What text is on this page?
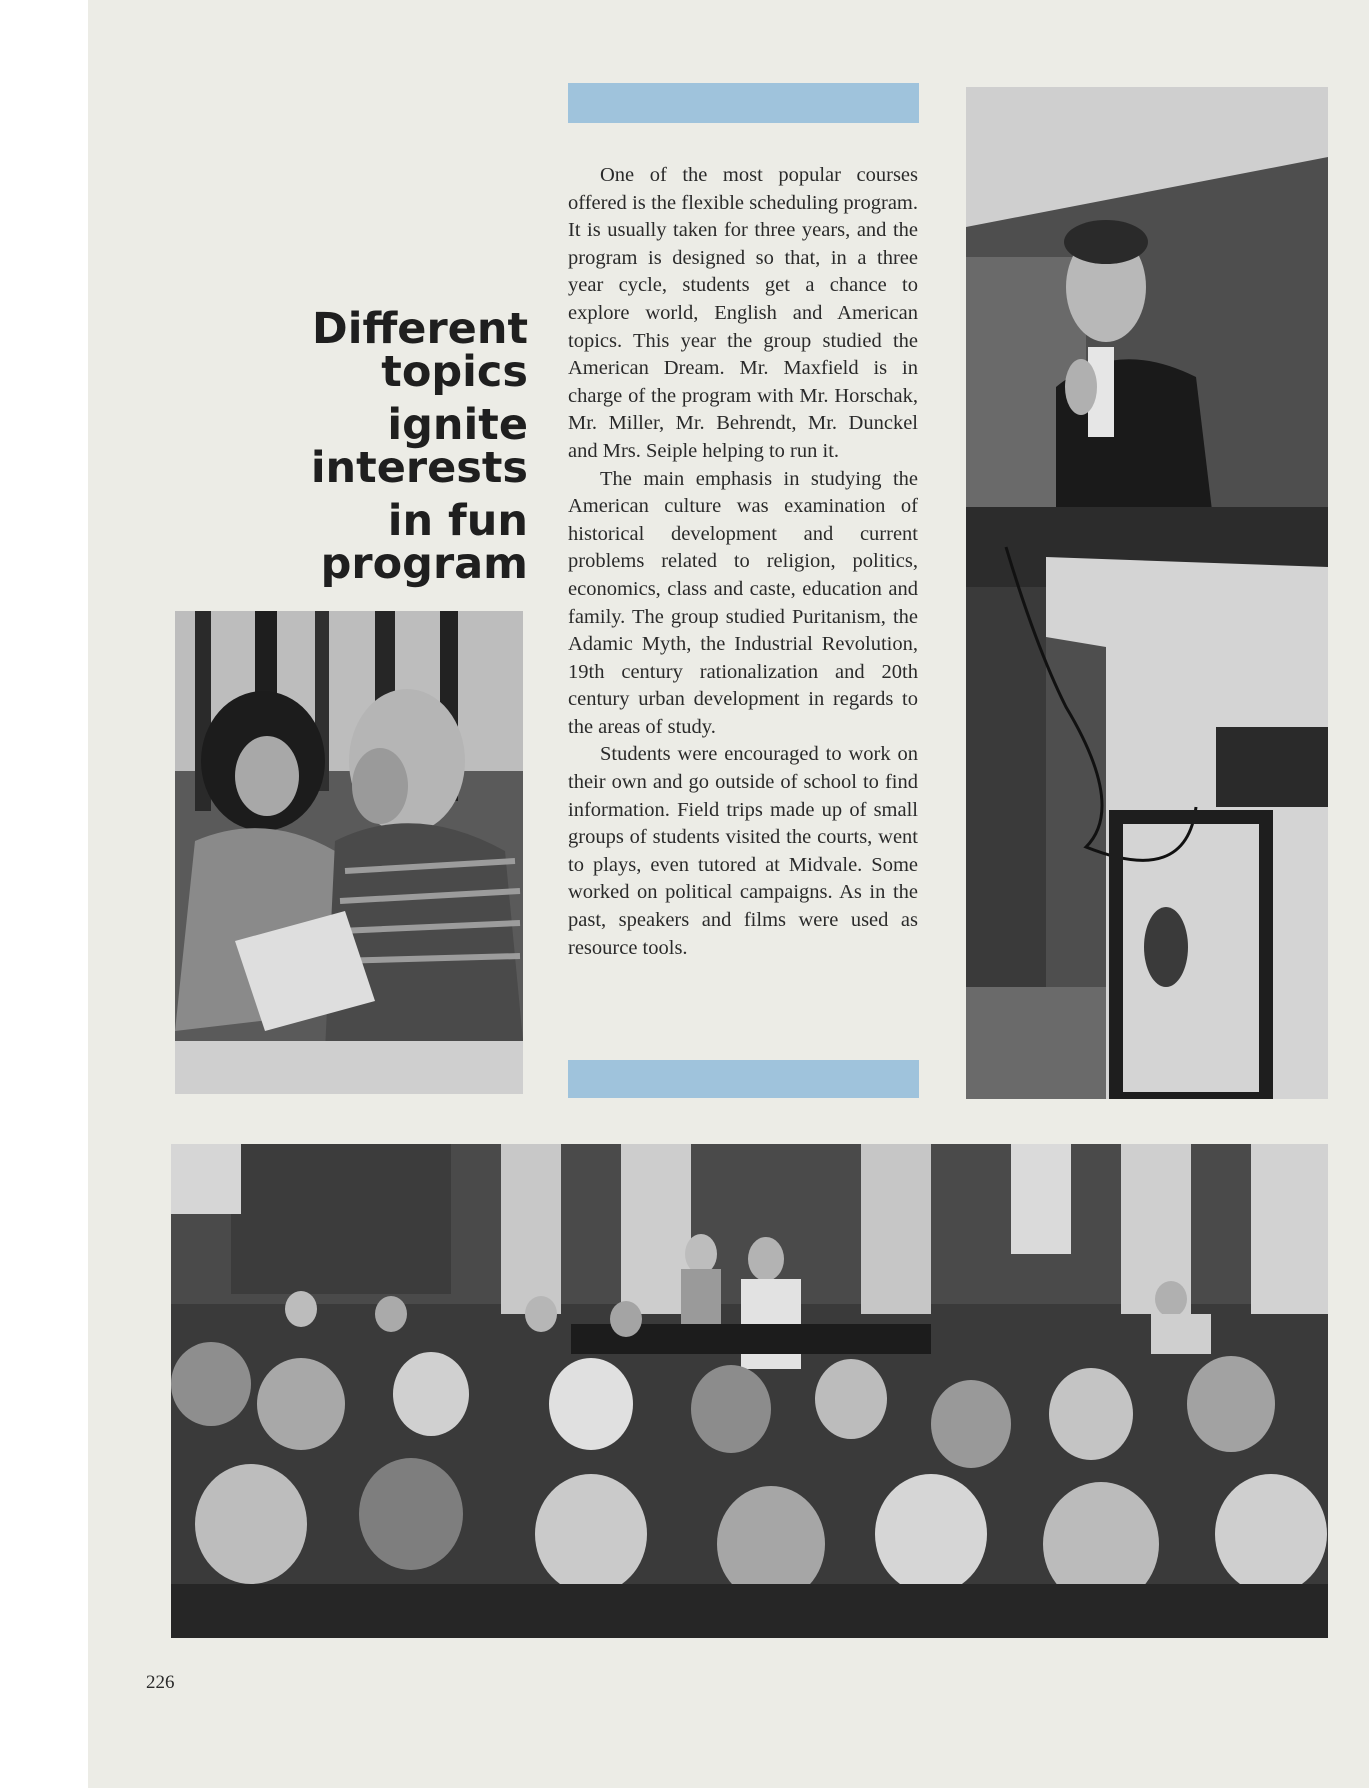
Different topics
ignite interests
in fun program

One of the most popular courses offered is the flexible scheduling program. It is usually taken for three years, and the program is designed so that, in a three year cycle, students get a chance to explore world, English and American topics. This year the group studied the American Dream. Mr. Maxfield is in charge of the program with Mr. Horschak, Mr. Miller, Mr. Behrendt, Mr. Dunckel and Mrs. Seiple helping to run it.

The main emphasis in studying the American culture was examination of historical development and current problems related to religion, politics, economics, class and caste, education and family. The group studied Puritanism, the Adamic Myth, the Industrial Revolution, 19th century rationalization and 20th century urban development in regards to the areas of study.

Students were encouraged to work on their own and go outside of school to find information. Field trips made up of small groups of students visited the courts, went to plays, even tutored at Midvale. Some worked on political campaigns. As in the past, speakers and films were used as resource tools.

226
